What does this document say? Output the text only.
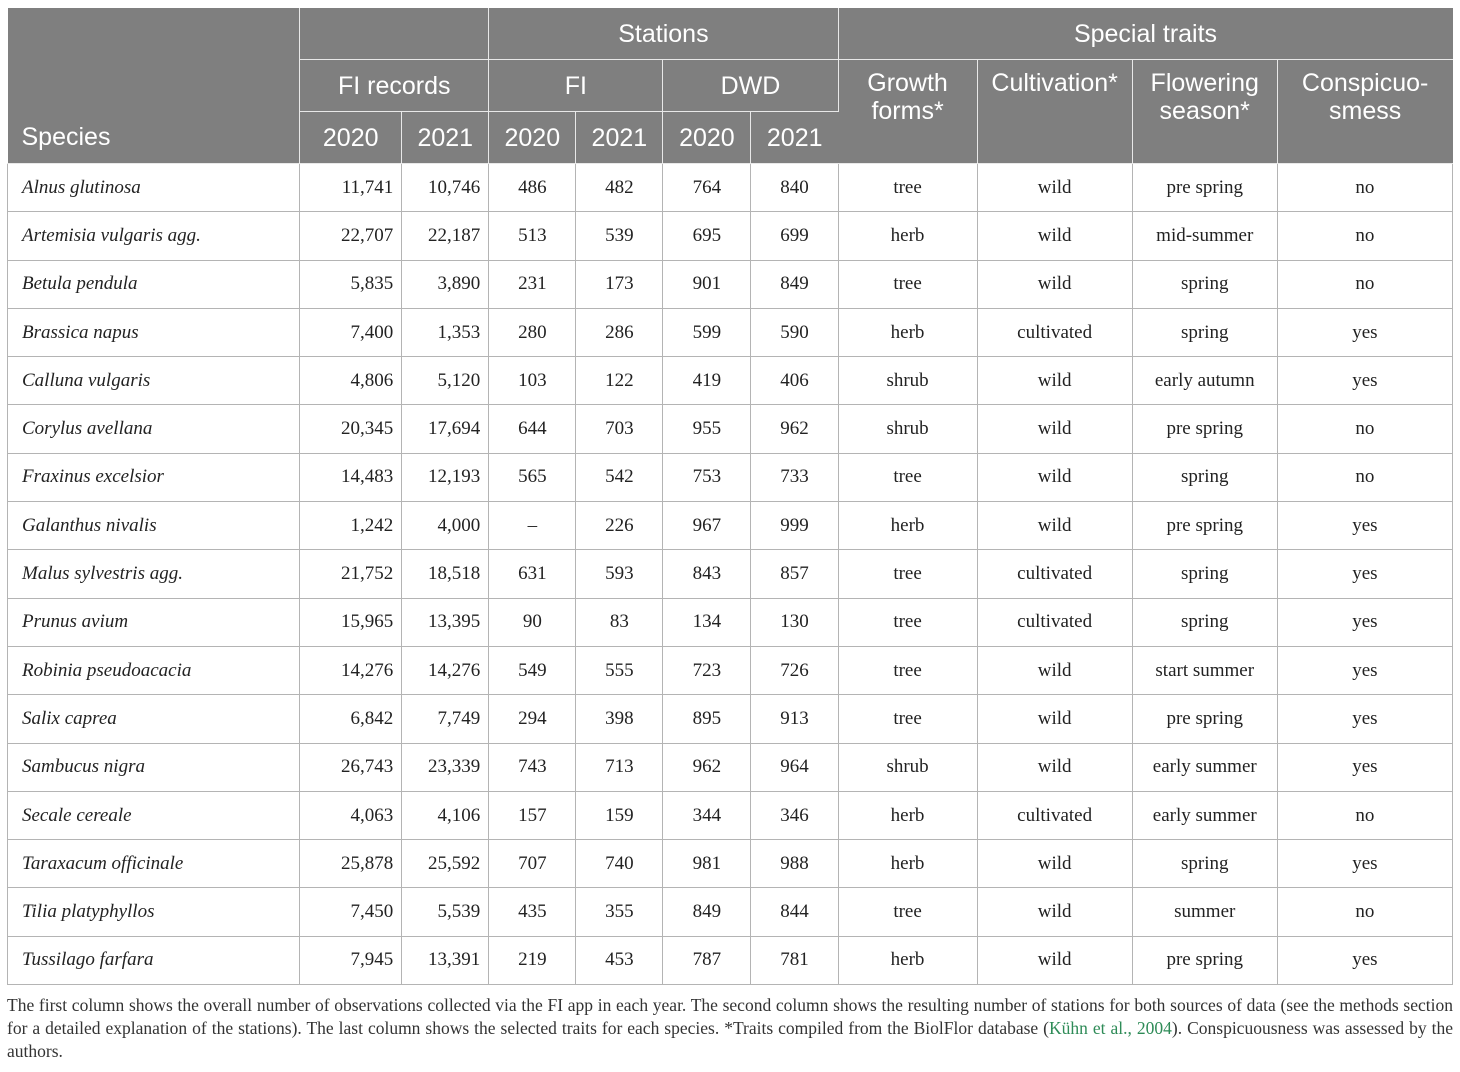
Species			Stations				Special traits			
	FI records		FI		DWD		Growth forms*	Cultivation*	Flowering season*	Conspicuo-smess
	2020	2021	2020	2021	2020	2021				
Alnus glutinosa	11,741	10,746	486	482	764	840	tree	wild	pre spring	no
Artemisia vulgaris agg.	22,707	22,187	513	539	695	699	herb	wild	mid-summer	no
Betula pendula	5,835	3,890	231	173	901	849	tree	wild	spring	no
Brassica napus	7,400	1,353	280	286	599	590	herb	cultivated	spring	yes
Calluna vulgaris	4,806	5,120	103	122	419	406	shrub	wild	early autumn	yes
Corylus avellana	20,345	17,694	644	703	955	962	shrub	wild	pre spring	no
Fraxinus excelsior	14,483	12,193	565	542	753	733	tree	wild	spring	no
Galanthus nivalis	1,242	4,000	–	226	967	999	herb	wild	pre spring	yes
Malus sylvestris agg.	21,752	18,518	631	593	843	857	tree	cultivated	spring	yes
Prunus avium	15,965	13,395	90	83	134	130	tree	cultivated	spring	yes
Robinia pseudoacacia	14,276	14,276	549	555	723	726	tree	wild	start summer	yes
Salix caprea	6,842	7,749	294	398	895	913	tree	wild	pre spring	yes
Sambucus nigra	26,743	23,339	743	713	962	964	shrub	wild	early summer	yes
Secale cereale	4,063	4,106	157	159	344	346	herb	cultivated	early summer	no
Taraxacum officinale	25,878	25,592	707	740	981	988	herb	wild	spring	yes
Tilia platyphyllos	7,450	5,539	435	355	849	844	tree	wild	summer	no
Tussilago farfara	7,945	13,391	219	453	787	781	herb	wild	pre spring	yes
The first column shows the overall number of observations collected via the FI app in each year. The second column shows the resulting number of stations for both sources of data (see the methods section for a detailed explanation of the stations). The last column shows the selected traits for each species. *Traits compiled from the BiolFlor database (Kühn et al., 2004). Conspicuousness was assessed by the authors.
